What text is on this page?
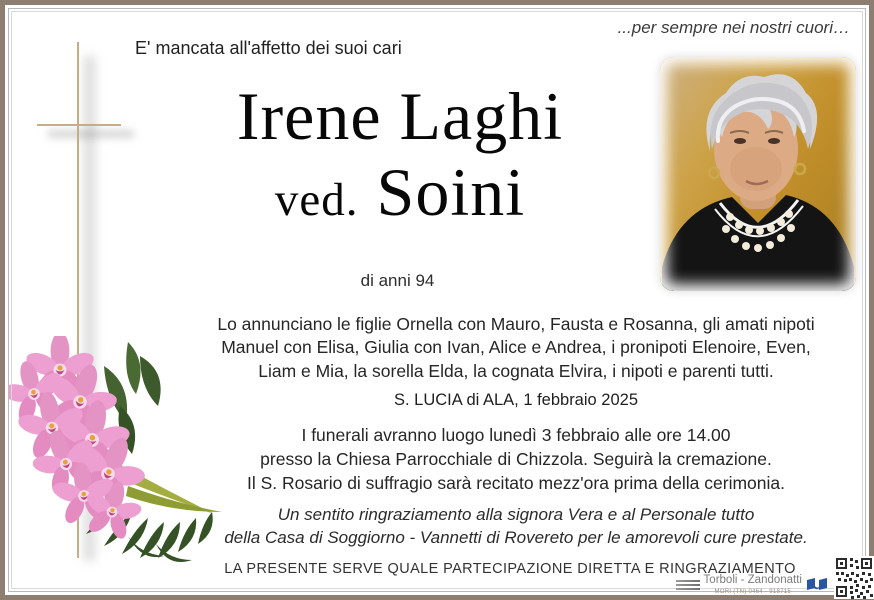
...per sempre nei nostri cuori…
E' mancata all'affetto dei suoi cari
Irene Laghi
ved. Soini
di anni 94
Lo annunciano le figlie Ornella con Mauro, Fausta e Rosanna, gli amati nipoti
Manuel con Elisa, Giulia con Ivan, Alice e Andrea, i pronipoti Elenoire, Even,
Liam e Mia, la sorella Elda, la cognata Elvira, i nipoti e parenti tutti.
S. LUCIA di ALA, 1 febbraio 2025
I funerali avranno luogo lunedì 3 febbraio alle ore 14.00
presso la Chiesa Parrocchiale di Chizzola. Seguirà la cremazione.
Il S. Rosario di suffragio sarà recitato mezz'ora prima della cerimonia.
Un sentito ringraziamento alla signora Vera e al Personale tutto
della Casa di Soggiorno - Vannetti di Rovereto per le amorevoli cure prestate.
LA PRESENTE SERVE QUALE PARTECIPAZIONE DIRETTA E RINGRAZIAMENTO
Torboli - Zandonatti
MORI (TN) 0464 - 918715
